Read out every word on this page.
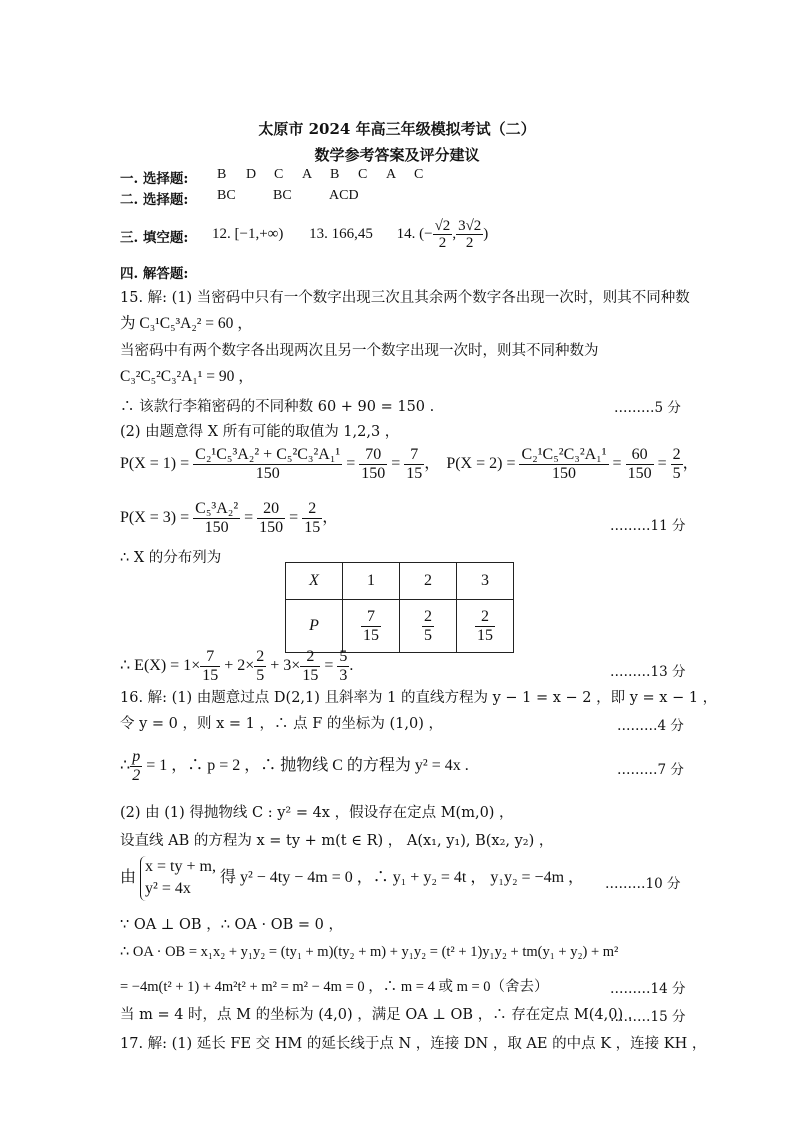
太原市 2024 年高三年级模拟考试（二）
数学参考答案及评分建议
一. 选择题: B D C A B C A C
二. 选择题: BC	BC	ACD
三. 填空题: 12. [−1,+∞) 13. 166,45 14. (− $\frac{√2}{2}$ , $\frac{3√2}{2}$ )
四. 解答题:
15. 解: (1) 当密码中只有一个数字出现三次且其余两个数字各出现一次时，则其不同种数
为 C₃¹C₅³A₂² = 60 ，
当密码中有两个数字各出现两次且另一个数字出现一次时，则其不同种数为
C₃²C₅²C₃²A₁¹ = 90 ，
∴ 该款行李箱密码的不同种数 60 + 90 = 150 .	………5 分
(2) 由题意得 X 所有可能的取值为 1,2,3 ，
$P(X = 1) = \frac{\text{C₂¹C₅³A₂² + C₅²C₃²A₁¹}}{150} = \frac{70}{150} = \frac{7}{15}$ ， $P(X = 2) = \frac{\text{C₂¹C₅²C₃²A₁¹}}{150} = \frac{60}{150} = \frac{2}{5}$ ，
$P(X = 3) = \frac{\text{C₅³A₂²}}{150} = \frac{20}{150} = \frac{2}{15}$ ，
………11 分
∴ X 的分布列为
X	1	2	3
P	$\frac{7}{15}$	$\frac{2}{5}$	$\frac{2}{15}$
∴ $E(X) = 1\times \frac{7}{15} + 2\times \frac{2}{5} + 3\times \frac{2}{15} = \frac{5}{3}$ .	………13 分
16. 解: (1) 由题意过点 D(2,1) 且斜率为 1 的直线方程为 y − 1 = x − 2 ，即 y = x − 1 ，
令 y = 0 ，则 x = 1 ，∴ 点 F 的坐标为 (1,0) ，	………4 分
∴ $\frac{p}{2} = 1$ ，∴ p = 2 ，∴ 抛物线 C 的方程为 y² = 4x .	………7 分
(2) 由 (1) 得抛物线 C : y² = 4x ，假设存在定点 M(m,0) ，
设直线 AB 的方程为 x = ty + m(t ∈ R) ， A(x₁, y₁), B(x₂, y₂) ，
由
x = ty + m,
y² = 4x
得 y² − 4ty − 4m = 0 ，∴ y₁ + y₂ = 4t ， y₁y₂ = −4m ， ………10 分
∵ OA ⊥ OB ，∴ OA · OB = 0 ，
∴ OA · OB = x₁x₂ + y₁y₂ = (ty₁ + m)(ty₂ + m) + y₁y₂ = (t² + 1)y₁y₂ + tm(y₁ + y₂) + m²
= −4m(t² + 1) + 4m²t² + m² = m² − 4m = 0 ，∴ m = 4 或 m = 0（舍去）	………14 分
当 m = 4 时，点 M 的坐标为 (4,0) ，满足 OA ⊥ OB ，∴ 存在定点 M(4,0) .
………15 分
17. 解: (1) 延长 FE 交 HM 的延长线于点 N ，连接 DN ，取 AE 的中点 K ，连接 KH ，
